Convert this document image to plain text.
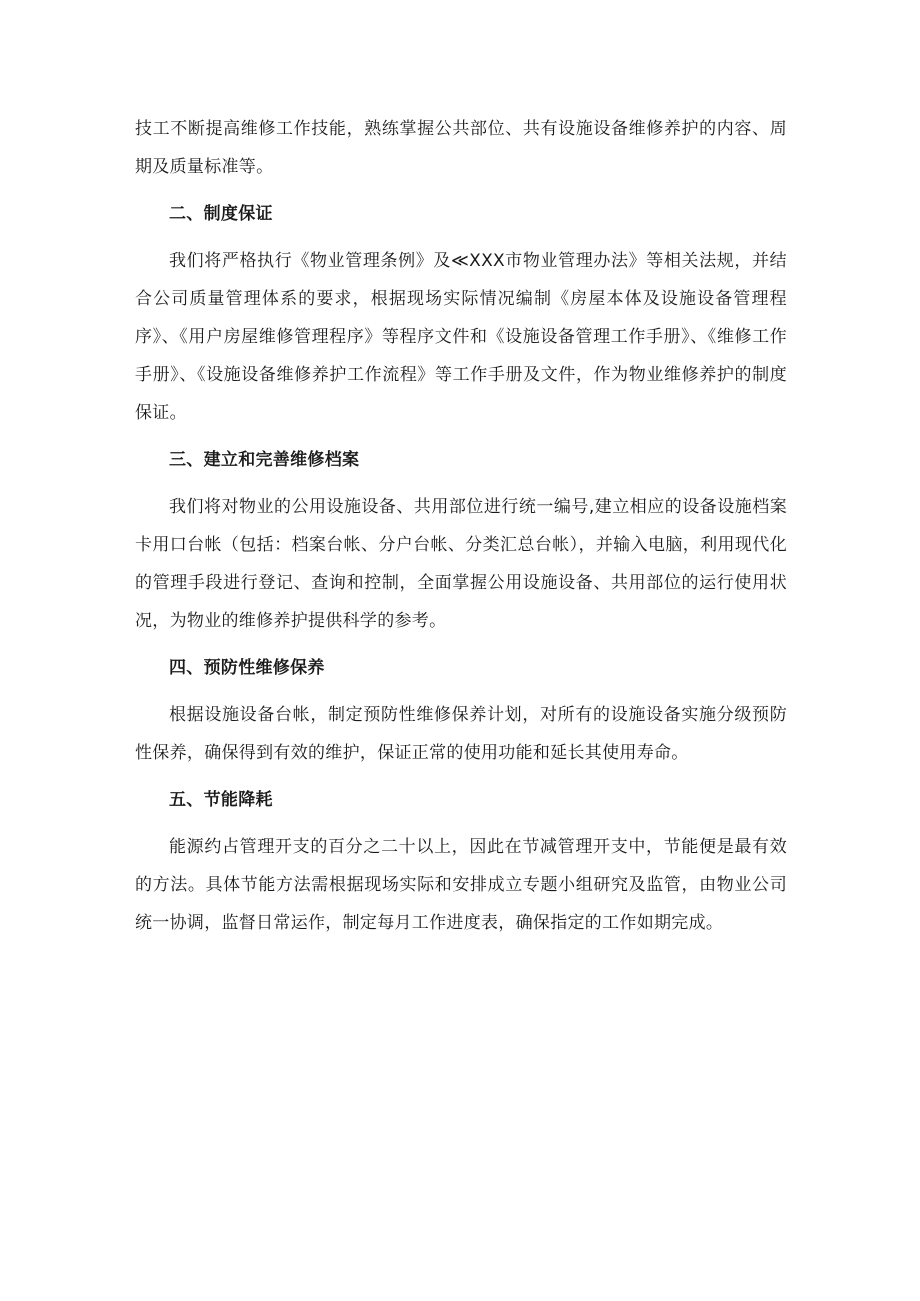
技工不断提高维修工作技能，熟练掌握公共部位、共有设施设备维修养护的内容、周期及质量标准等。

二、制度保证

我们将严格执行《物业管理条例》及≪XXX市物业管理办法》等相关法规，并结合公司质量管理体系的要求，根据现场实际情况编制《房屋本体及设施设备管理程序》、《用户房屋维修管理程序》等程序文件和《设施设备管理工作手册》、《维修工作手册》、《设施设备维修养护工作流程》等工作手册及文件，作为物业维修养护的制度保证。

三、建立和完善维修档案

我们将对物业的公用设施设备、共用部位进行统一编号,建立相应的设备设施档案卡用口台帐（包括：档案台帐、分户台帐、分类汇总台帐），并输入电脑，利用现代化的管理手段进行登记、查询和控制，全面掌握公用设施设备、共用部位的运行使用状况，为物业的维修养护提供科学的参考。

四、预防性维修保养

根据设施设备台帐，制定预防性维修保养计划，对所有的设施设备实施分级预防性保养，确保得到有效的维护，保证正常的使用功能和延长其使用寿命。

五、节能降耗

能源约占管理开支的百分之二十以上，因此在节减管理开支中，节能便是最有效的方法。具体节能方法需根据现场实际和安排成立专题小组研究及监管，由物业公司统一协调，监督日常运作，制定每月工作进度表，确保指定的工作如期完成。
